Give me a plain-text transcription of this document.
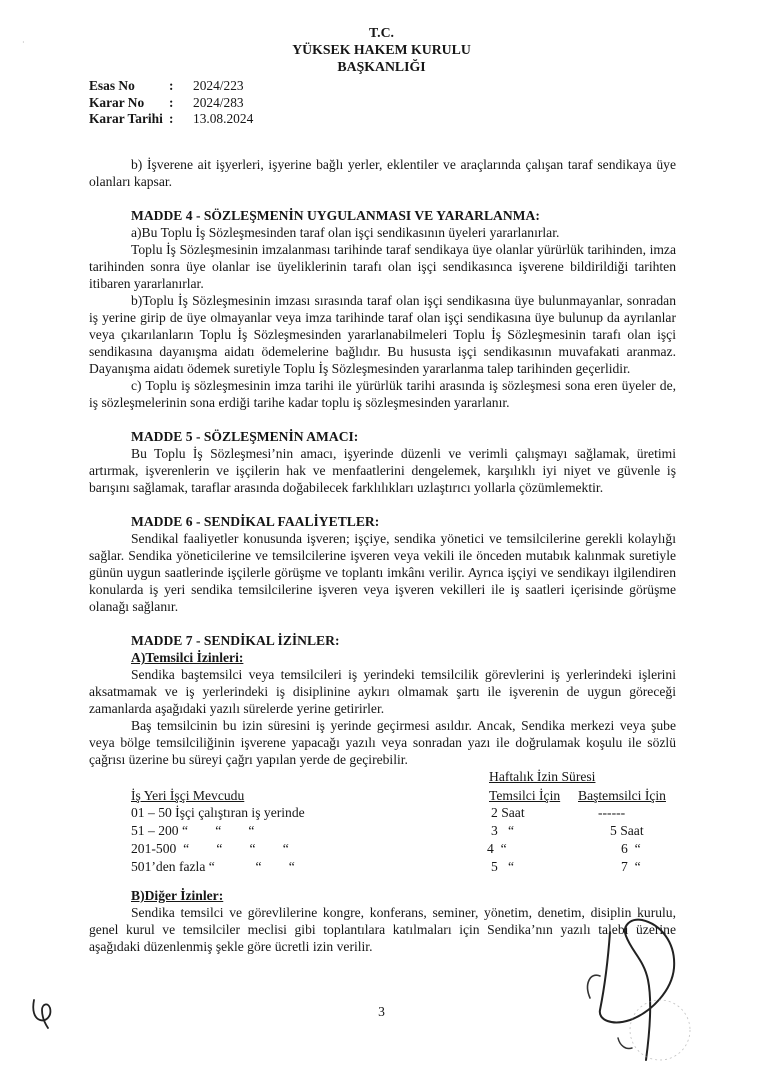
·
T.C.
YÜKSEK HAKEM KURULU
BAŞKANLIĞI
Esas No	:	2024/223
Karar No	:	2024/283
Karar Tarihi :	13.08.2024

b) İşverene ait işyerleri, işyerine bağlı yerler, eklentiler ve araçlarında çalışan taraf sendikaya üye olanları kapsar.

MADDE 4 - SÖZLEŞMENİN UYGULANMASI VE YARARLANMA:

a)Bu Toplu İş Sözleşmesinden taraf olan işçi sendikasının üyeleri yararlanırlar.

Toplu İş Sözleşmesinin imzalanması tarihinde taraf sendikaya üye olanlar yürürlük tarihinden, imza tarihinden sonra üye olanlar ise üyeliklerinin tarafı olan işçi sendikasınca işverene bildirildiği tarihten itibaren yararlanırlar.

b)Toplu İş Sözleşmesinin imzası sırasında taraf olan işçi sendikasına üye bulunmayanlar, sonradan iş yerine girip de üye olmayanlar veya imza tarihinde taraf olan işçi sendikasına üye bulunup da ayrılanlar veya çıkarılanların Toplu İş Sözleşmesinden yararlanabilmeleri Toplu İş Sözleşmesinin tarafı olan işçi sendikasına dayanışma aidatı ödemelerine bağlıdır. Bu hususta işçi sendikasının muvafakati aranmaz. Dayanışma aidatı ödemek suretiyle Toplu İş Sözleşmesinden yararlanma talep tarihinden geçerlidir.

c) Toplu iş sözleşmesinin imza tarihi ile yürürlük tarihi arasında iş sözleşmesi sona eren üyeler de, iş sözleşmelerinin sona erdiği tarihe kadar toplu iş sözleşmesinden yararlanır.

MADDE 5 - SÖZLEŞMENİN AMACI:

Bu Toplu İş Sözleşmesi’nin amacı, işyerinde düzenli ve verimli çalışmayı sağlamak, üretimi artırmak, işverenlerin ve işçilerin hak ve menfaatlerini dengelemek, karşılıklı iyi niyet ve güvenle iş barışını sağlamak, taraflar arasında doğabilecek farklılıkları uzlaştırıcı yollarla çözümlemektir.

MADDE 6 - SENDİKAL FAALİYETLER:

Sendikal faaliyetler konusunda işveren; işçiye, sendika yönetici ve temsilcilerine gerekli kolaylığı sağlar. Sendika yöneticilerine ve temsilcilerine işveren veya vekili ile önceden mutabık kalınmak suretiyle günün uygun saatlerinde işçilerle görüşme ve toplantı imkânı verilir. Ayrıca işçiyi ve sendikayı ilgilendiren konularda iş yeri sendika temsilcilerine işveren veya işveren vekilleri ile iş saatleri içerisinde görüşme olanağı sağlanır.

MADDE 7 - SENDİKAL İZİNLER:

A)Temsilci İzinleri:

Sendika baştemsilci veya temsilcileri iş yerindeki temsilcilik görevlerini iş yerlerindeki işlerini aksatmamak ve iş yerlerindeki iş disiplinine aykırı olmamak şartı ile işverenin de uygun göreceği zamanlarda aşağıdaki yazılı sürelerde yerine getirirler.

Baş temsilcinin bu izin süresini iş yerinde geçirmesi asıldır. Ancak, Sendika merkezi veya şube veya bölge temsilciliğinin işverene yapacağı yazılı veya sonradan yazı ile doğrulamak koşulu ile sözlü çağrısı üzerine bu süreyi çağrı yapılan yerde de geçirebilir.

Haftalık İzin Süresi
İş Yeri İşçi Mevcudu	Temsilci İçin Baştemsilci İçin
01 – 50 İşçi çalıştıran iş yerinde	2 Saat	------
51 – 200 “        “        “	3   “	5 Saat
201-500  “        “        “        “	4  “	6  “
501’den fazla “            “        “	5   “	7  “

B)Diğer İzinler:

Sendika temsilci ve görevlilerine kongre, konferans, seminer, yönetim, denetim, disiplin kurulu, genel kurul ve temsilciler meclisi gibi toplantılara katılmaları için Sendika’nın yazılı talebi üzerine aşağıdaki düzenlenmiş şekle göre ücretli izin verilir.

3
